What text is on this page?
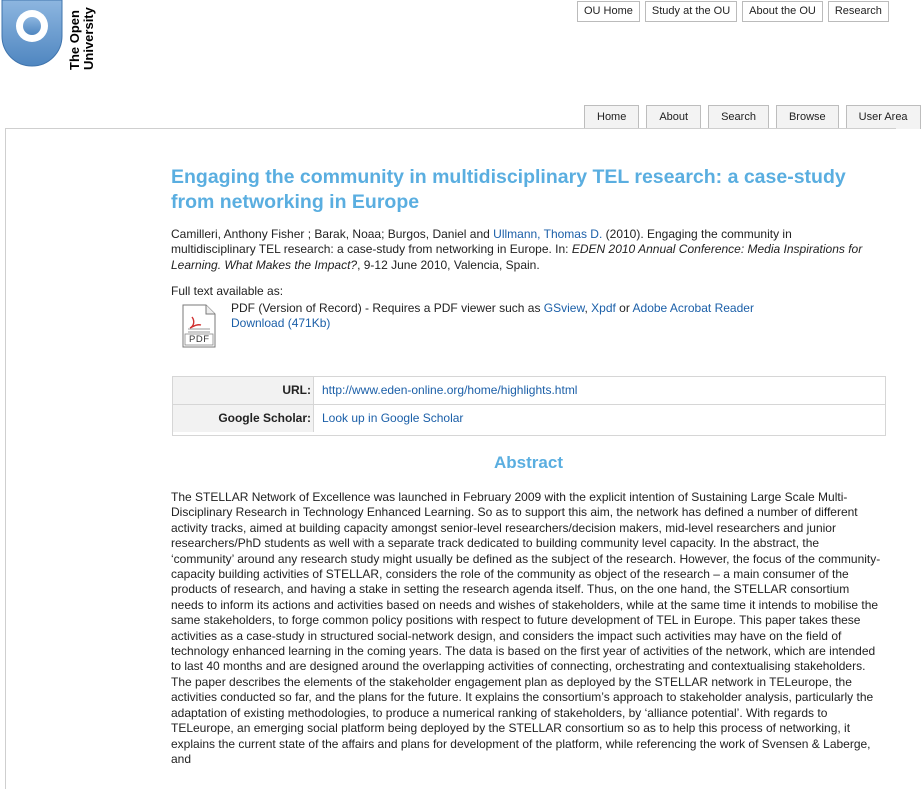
The Open University	OU Home	Study at the OU	About the OU	Research
Home	About	Search	Browse	User Area
Engaging the community in multidisciplinary TEL research: a case-study from networking in Europe
Camilleri, Anthony Fisher ; Barak, Noaa; Burgos, Daniel and Ullmann, Thomas D. (2010). Engaging the community in multidisciplinary TEL research: a case-study from networking in Europe. In: EDEN 2010 Annual Conference: Media Inspirations for Learning. What Makes the Impact?, 9-12 June 2010, Valencia, Spain.
Full text available as:
PDF
PDF (Version of Record) - Requires a PDF viewer such as GSview, Xpdf or Adobe Acrobat Reader
Download (471Kb)
URL: http://www.eden-online.org/home/highlights.html
Google Scholar: Look up in Google Scholar
Abstract

The STELLAR Network of Excellence was launched in February 2009 with the explicit intention of Sustaining Large Scale Multi-Disciplinary Research in Technology Enhanced Learning. So as to support this aim, the network has defined a number of different activity tracks, aimed at building capacity amongst senior-level researchers/decision makers, mid-level researchers and junior researchers/PhD students as well with a separate track dedicated to building community level capacity. In the abstract, the ‘community’ around any research study might usually be defined as the subject of the research. However, the focus of the community-capacity building activities of STELLAR, considers the role of the community as object of the research – a main consumer of the products of research, and having a stake in setting the research agenda itself. Thus, on the one hand, the STELLAR consortium needs to inform its actions and activities based on needs and wishes of stakeholders, while at the same time it intends to mobilise the same stakeholders, to forge common policy positions with respect to future development of TEL in Europe. This paper takes these activities as a case-study in structured social-network design, and considers the impact such activities may have on the field of technology enhanced learning in the coming years. The data is based on the first year of activities of the network, which are intended to last 40 months and are designed around the overlapping activities of connecting, orchestrating and contextualising stakeholders. The paper describes the elements of the stakeholder engagement plan as deployed by the STELLAR network in TELeurope, the activities conducted so far, and the plans for the future. It explains the consortium’s approach to stakeholder analysis, particularly the adaptation of existing methodologies, to produce a numerical ranking of stakeholders, by ‘alliance potential’. With regards to TELeurope, an emerging social platform being deployed by the STELLAR consortium so as to help this process of networking, it explains the current state of the affairs and plans for development of the platform, while referencing the work of Svensen & Laberge, and
